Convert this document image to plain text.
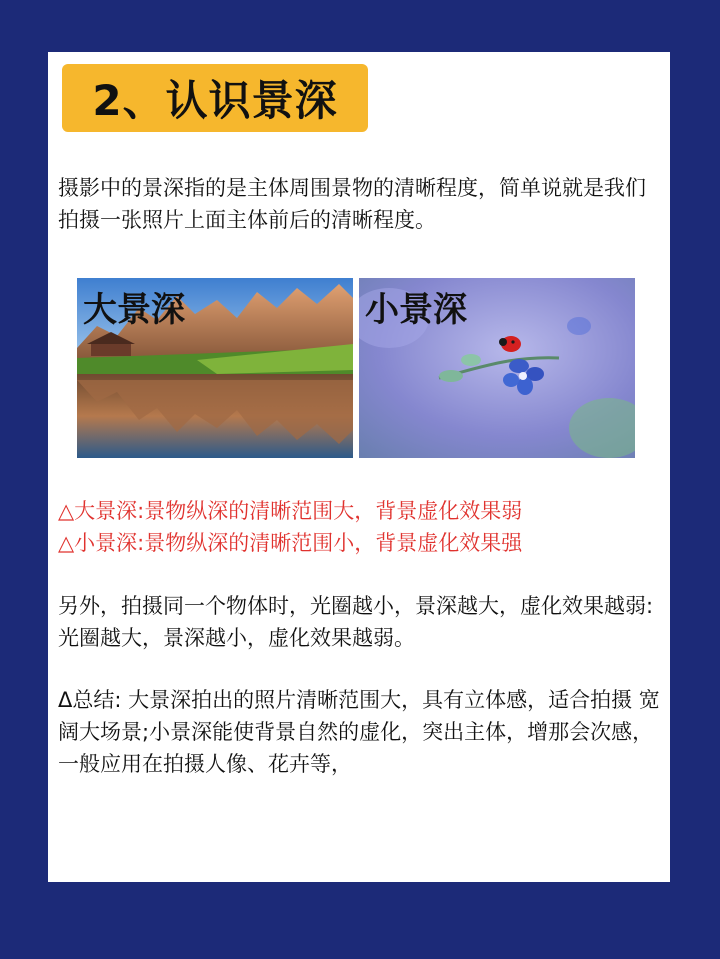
2、认识景深

摄影中的景深指的是主体周围景物的清晰程度，简单说就是我们拍摄一张照片上面主体前后的清晰程度。

大景深	小景深
△大景深:景物纵深的清晰范围大，背景虚化效果弱
△小景深:景物纵深的清晰范围小，背景虚化效果强

另外，拍摄同一个物体时，光圈越小，景深越大，虚化效果越弱:光圈越大，景深越小，虚化效果越弱。

Δ总结: 大景深拍出的照片清晰范围大，具有立体感，适合拍摄 宽阔大场景;小景深能使背景自然的虚化，突出主体，增那会次感，一般应用在拍摄人像、花卉等，
